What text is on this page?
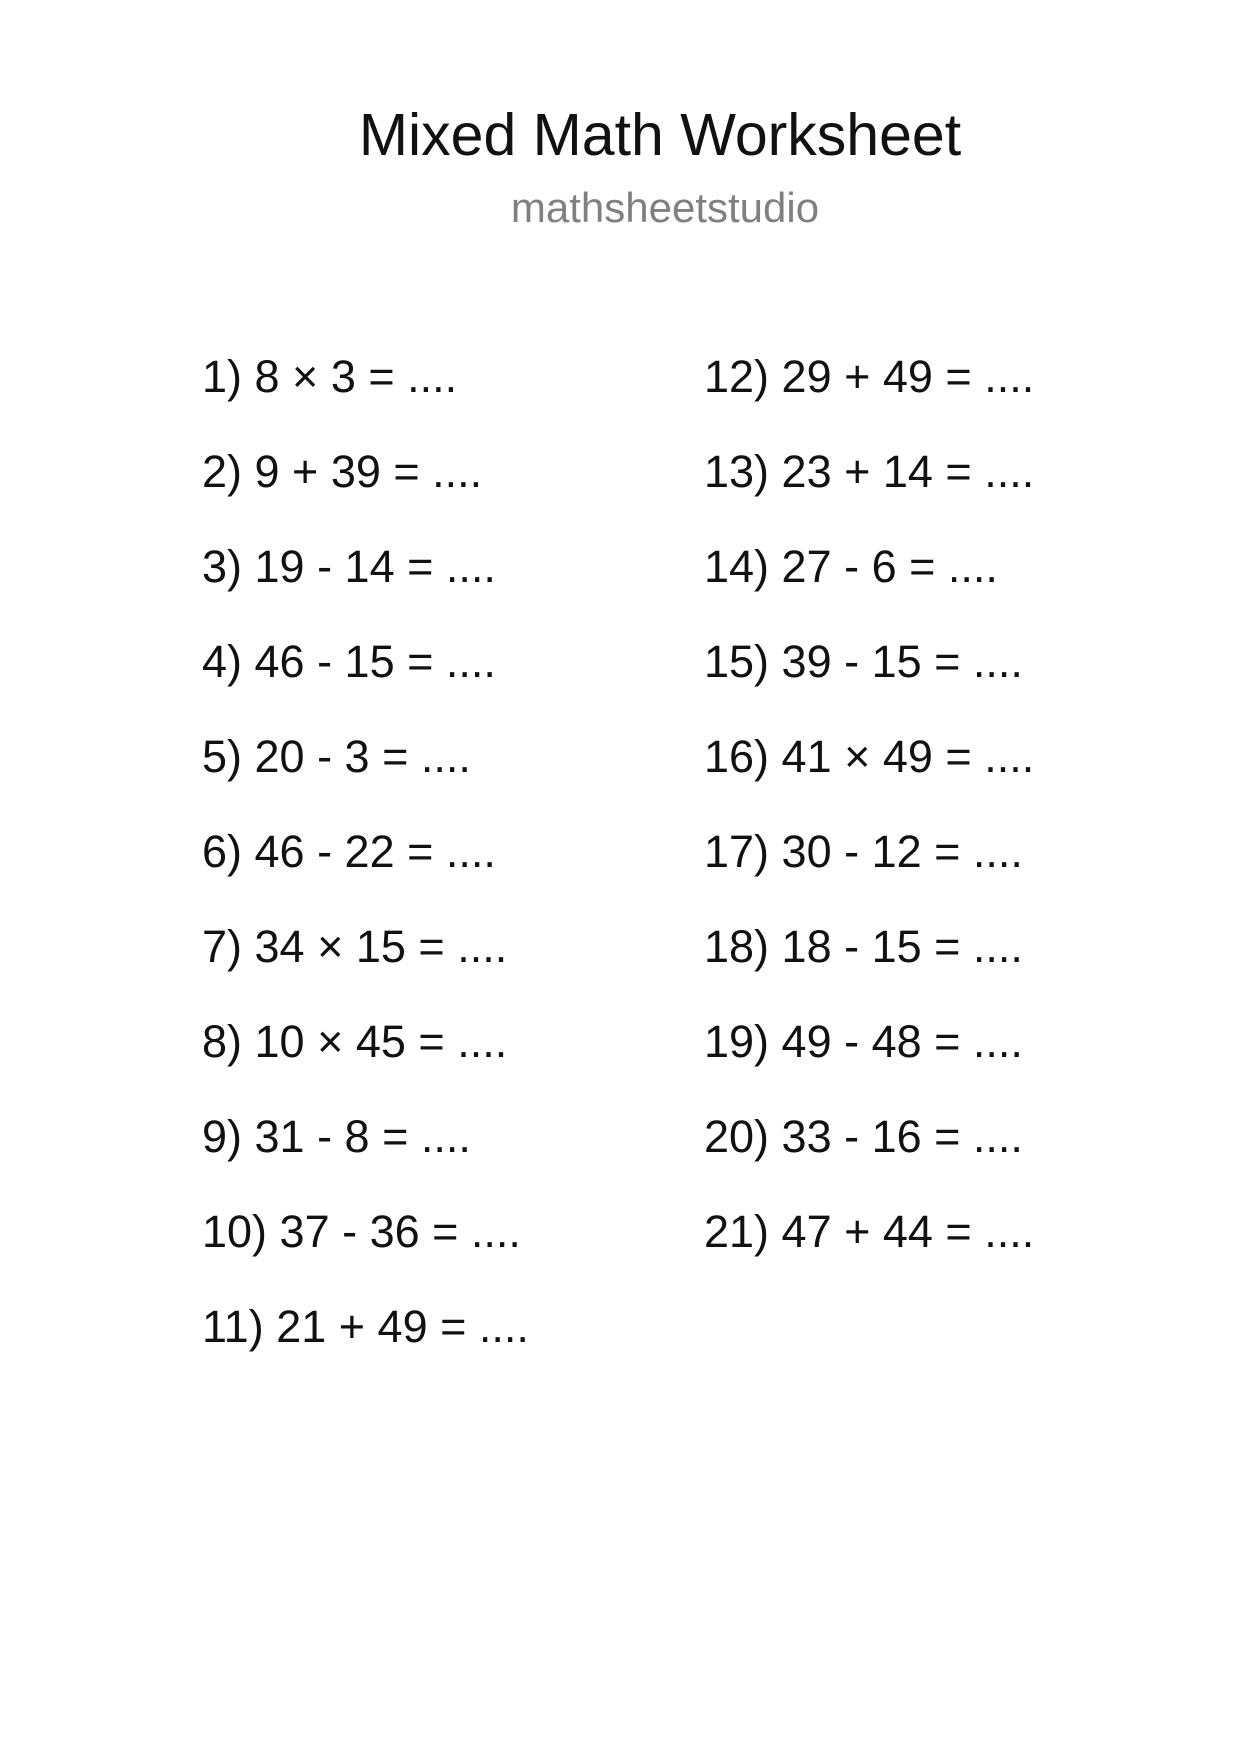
Mixed Math Worksheet
mathsheetstudio
1) 8 × 3 = ....
2) 9 + 39 = ....
3) 19 - 14 = ....
4) 46 - 15 = ....
5) 20 - 3 = ....
6) 46 - 22 = ....
7) 34 × 15 = ....
8) 10 × 45 = ....
9) 31 - 8 = ....
10) 37 - 36 = ....
11) 21 + 49 = ....
12) 29 + 49 = ....
13) 23 + 14 = ....
14) 27 - 6 = ....
15) 39 - 15 = ....
16) 41 × 49 = ....
17) 30 - 12 = ....
18) 18 - 15 = ....
19) 49 - 48 = ....
20) 33 - 16 = ....
21) 47 + 44 = ....
